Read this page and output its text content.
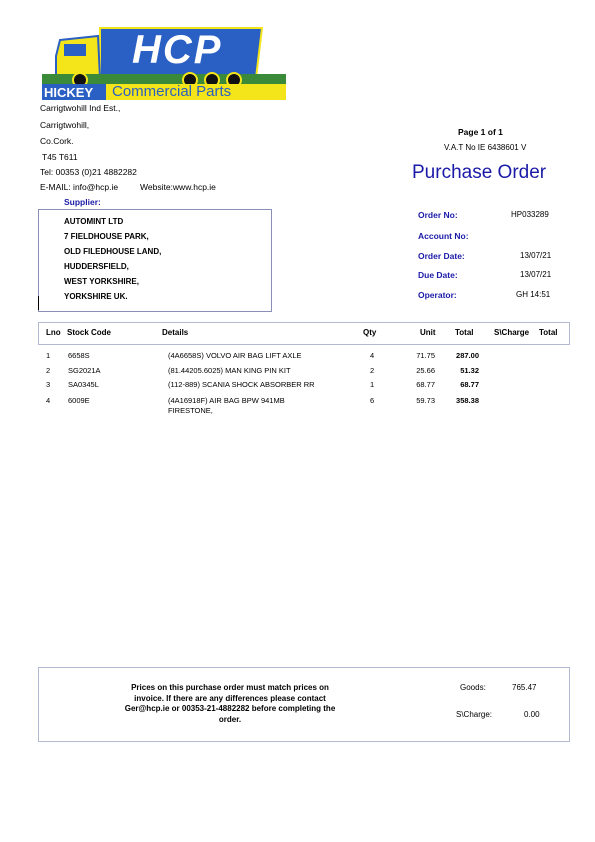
HCP
HICKEY Commercial Parts
Carrigtwohill Ind Est.,
Carrigtwohill,
Co.Cork.
T45 T611
Tel: 00353 (0)21 4882282
E-MAIL: info@hcp.ie	Website:www.hcp.ie
Page 1 of 1
V.A.T No IE 6438601 V
Purchase Order
Supplier:
AUTOMINT LTD
7 FIELDHOUSE PARK,
OLD FILEDHOUSE LAND,
HUDDERSFIELD,
WEST YORKSHIRE,
YORKSHIRE UK.
Order No:	HP033289
Account No:
Order Date:	13/07/21
Due Date:	13/07/21
Operator:	GH 14:51
Lno Stock Code	Details	Qty	Unit Total	S\Charge Total
1 6658S	(4A6658S) VOLVO AIR BAG LIFT AXLE	4	71.75	287.00
2 SG2021A	(81.44205.6025) MAN KING PIN KIT	2	25.66	51.32
3 SA0345L	(112-889) SCANIA SHOCK ABSORBER RR	1	68.77	68.77
4 6009E	(4A16918F) AIR BAG BPW 941MB
FIRESTONE,
6	59.73	358.38
Prices on this purchase order must match prices on
invoice. If there are any differences please contact
Ger@hcp.ie or 00353-21-4882282 before completing the
order.
Goods:	765.47
S\Charge:	0.00
